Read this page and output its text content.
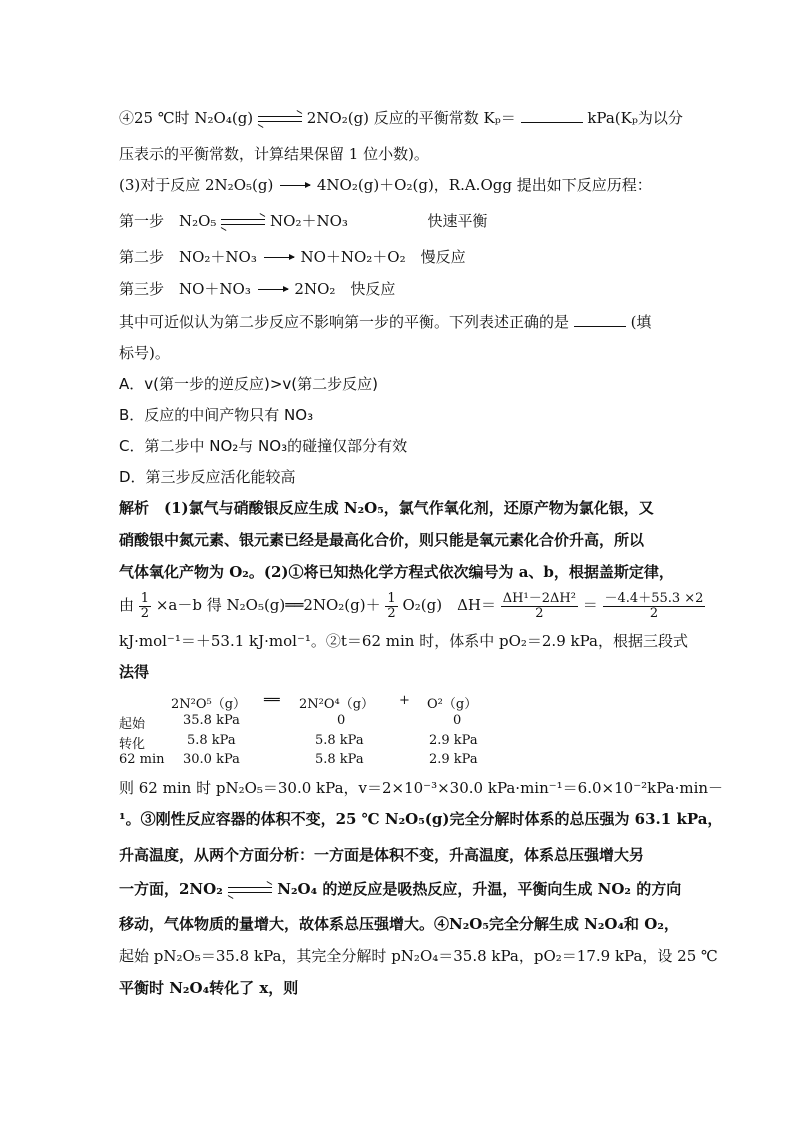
④25 ℃时 N₂O₄(g)	2NO₂(g) 反应的平衡常数 Kₚ＝	kPa(Kₚ为以分
压表示的平衡常数，计算结果保留 1 位小数)。
(3)对于反应 2N₂O₅(g)	4NO₂(g)＋O₂(g)，R.A.Ogg 提出如下反应历程：
第一步　N₂O₅	NO₂＋NO₃	快速平衡
第二步　NO₂＋NO₃	NO＋NO₂＋O₂　慢反应
第三步　NO＋NO₃	2NO₂　快反应
其中可近似认为第二步反应不影响第一步的平衡。下列表述正确的是	(填
标号)。
A．v(第一步的逆反应)>v(第二步反应)
B．反应的中间产物只有 NO₃
C．第二步中 NO₂与 NO₃的碰撞仅部分有效
D．第三步反应活化能较高
解析　(1)氯气与硝酸银反应生成 N₂O₅，氯气作氧化剂，还原产物为氯化银，又
硝酸银中氮元素、银元素已经是最高化合价，则只能是氧元素化合价升高，所以
气体氧化产物为 O₂。(2)①将已知热化学方程式依次编号为 a、b，根据盖斯定律，
由 $\frac{1}{2} \times a-b$ 得 N₂O₅(g)══2NO₂(g)＋ $\frac{1}{2} O_2(g)$　$\Delta H= \frac{\text{ΔH¹－2ΔH²}}{2} = \frac{-4.4+55.3 \times 2}{2}$
kJ·mol⁻¹＝＋53.1 kJ·mol⁻¹。②t＝62 min 时，体系中 pO₂＝2.9 kPa，根据三段式
法得
2N²O⁵（g） ══ 2N²O⁴（g） + O²（g）
起始	35.8 kPa	0	0
转化	5.8 kPa	5.8 kPa	2.9 kPa
62 min 30.0 kPa	5.8 kPa	2.9 kPa
则 62 min 时 pN₂O₅＝30.0 kPa，v＝2×10⁻³×30.0 kPa·min⁻¹＝6.0×10⁻²kPa·min－
¹。③刚性反应容器的体积不变，25 ℃ N₂O₅(g)完全分解时体系的总压强为 63.1 kPa，
升高温度，从两个方面分析：一方面是体积不变，升高温度，体系总压强增大另
一方面，2NO₂	N₂O₄ 的逆反应是吸热反应，升温，平衡向生成 NO₂ 的方向
移动，气体物质的量增大，故体系总压强增大。④N₂O₅完全分解生成 N₂O₄和 O₂，
起始 pN₂O₅＝35.8 kPa，其完全分解时 pN₂O₄＝35.8 kPa，pO₂＝17.9 kPa，设 25 ℃
平衡时 N₂O₄转化了 x，则
